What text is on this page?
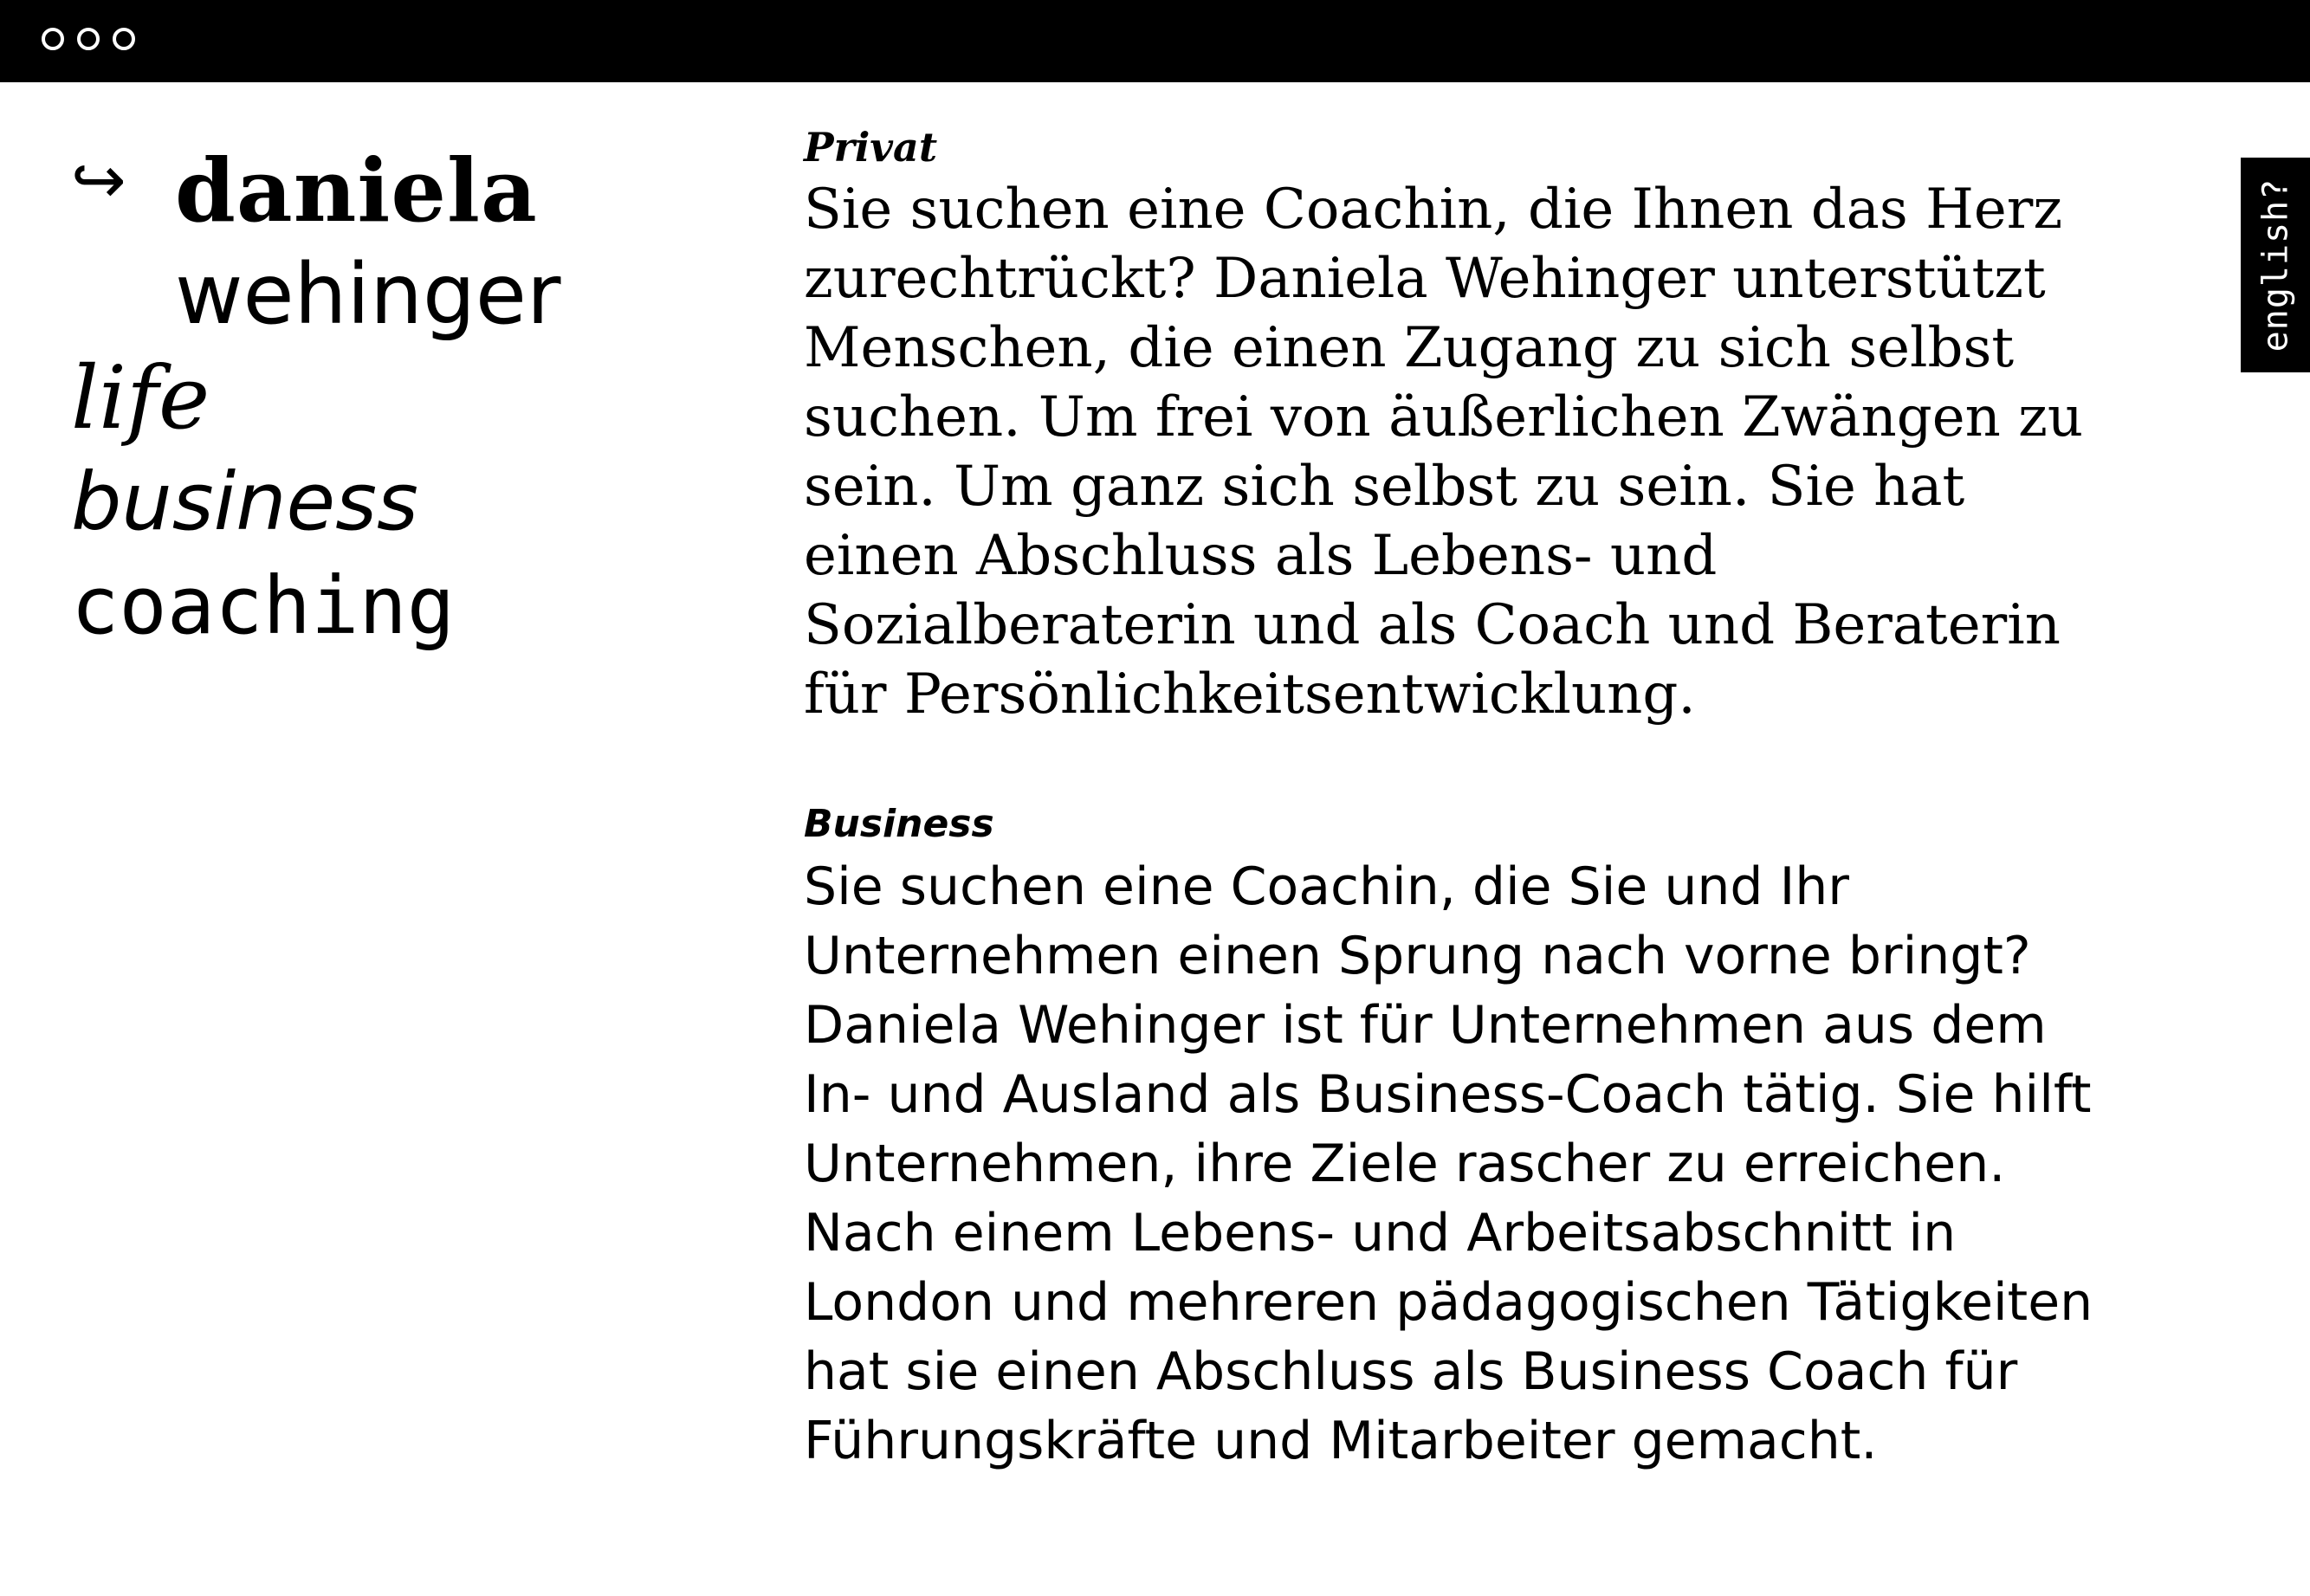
↪ daniela
wehinger
life
business
coaching
Privat

Sie suchen eine Coachin, die Ihnen das Herz zurechtrückt? Daniela Wehinger unterstützt Menschen, die einen Zugang zu sich selbst suchen. Um frei von äußerlichen Zwängen zu sein. Um ganz sich selbst zu sein. Sie hat einen Abschluss als Lebens- und Sozialberaterin und als Coach und Beraterin für Persönlichkeitsentwicklung.

Business

Sie suchen eine Coachin, die Sie und Ihr Unternehmen einen Sprung nach vorne bringt? Daniela Wehinger ist für Unternehmen aus dem In- und Ausland als Business-Coach tätig. Sie hilft Unternehmen, ihre Ziele rascher zu erreichen. Nach einem Lebens- und Arbeitsabschnitt in London und mehreren pädagogischen Tätigkeiten hat sie einen Abschluss als Business Coach für Führungskräfte und Mitarbeiter gemacht.

english?
